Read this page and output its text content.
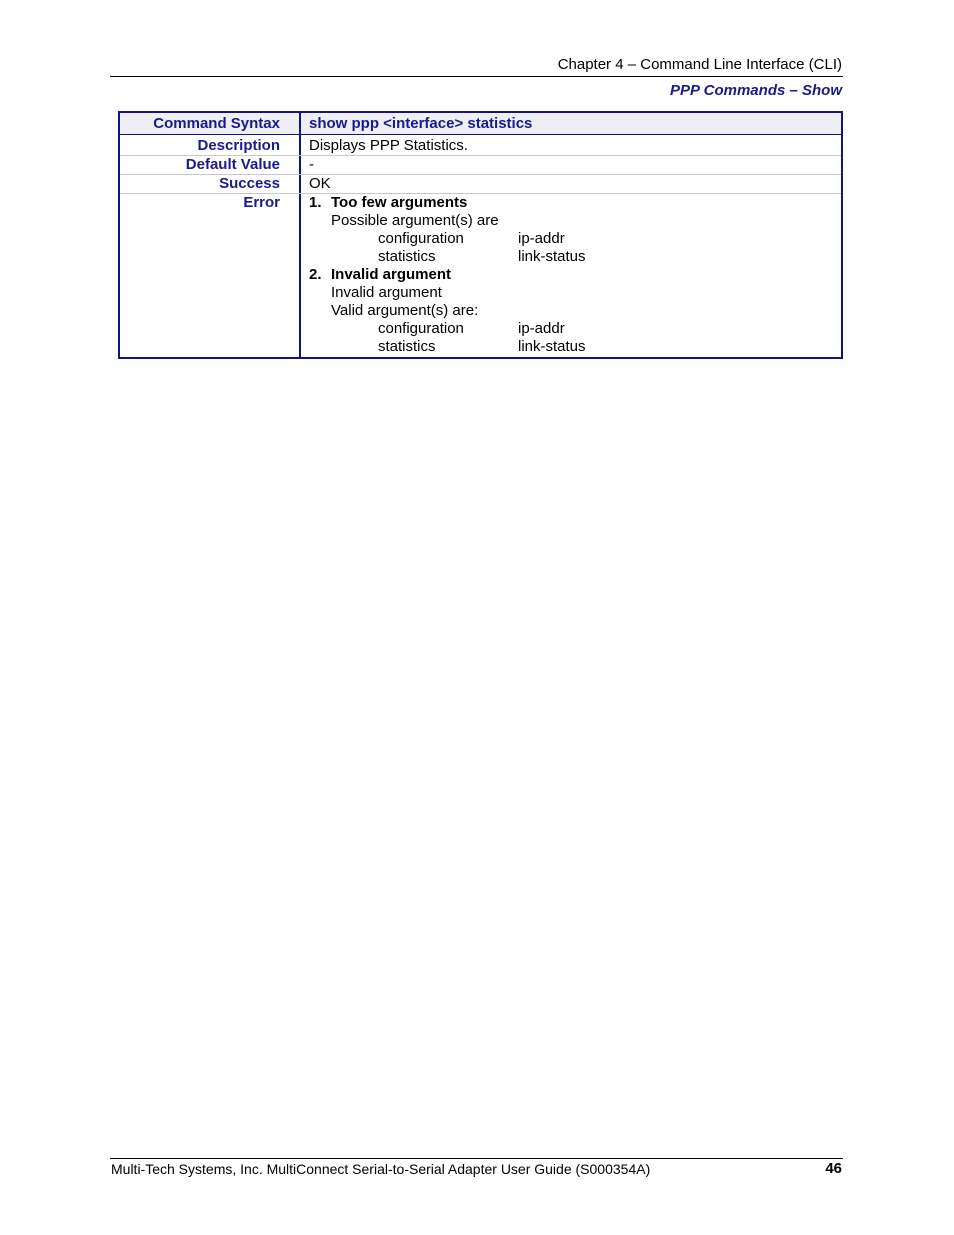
Chapter 4 – Command Line Interface (CLI)
PPP Commands – Show
Command Syntax	show ppp <interface> statistics
Description	Displays PPP Statistics.
Default Value	-
Success	OK
Error	1. Too few arguments
Possible argument(s) are
configuration	ip-addr
statistics	link-status
2. Invalid argument
Invalid argument
Valid argument(s) are:
configuration	ip-addr
statistics	link-status
Multi-Tech Systems, Inc. MultiConnect Serial-to-Serial Adapter User Guide (S000354A)	46
